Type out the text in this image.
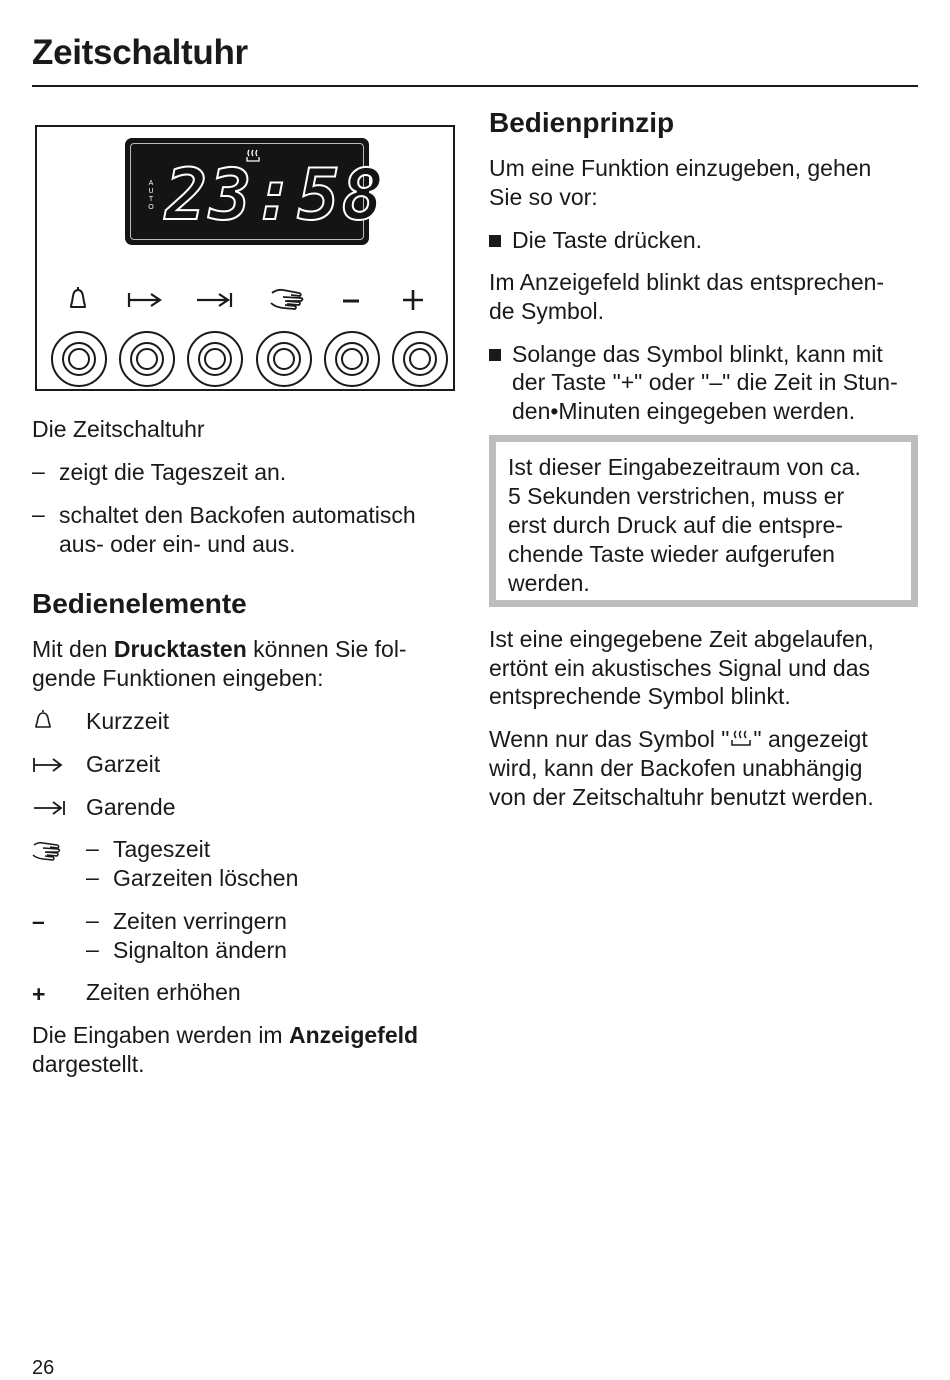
Zeitschaltuhr
A
U
T
O 23:58
Die Zeitschaltuhr
– zeigt die Tageszeit an.
– schaltet den Backofen automatisch
aus- oder ein- und aus.
Bedienelemente
Mit den Drucktasten können Sie fol-
gende Funktionen eingeben:
Kurzzeit
Garzeit
Garende
– Tageszeit
– Garzeiten löschen
– – Zeiten verringern
– Signalton ändern
+ Zeiten erhöhen
Die Eingaben werden im Anzeigefeld
dargestellt.
Bedienprinzip
Um eine Funktion einzugeben, gehen
Sie so vor:
Die Taste drücken.
Im Anzeigefeld blinkt das entsprechen-
de Symbol.
Solange das Symbol blinkt, kann mit
der Taste "+" oder "–" die Zeit in Stun-
den•Minuten eingegeben werden.
Ist dieser Eingabezeitraum von ca.
5 Sekunden verstrichen, muss er
erst durch Druck auf die entspre-
chende Taste wieder aufgerufen
werden.
Ist eine eingegebene Zeit abgelaufen,
ertönt ein akustisches Signal und das
entsprechende Symbol blinkt.
Wenn nur das Symbol " " angezeigt
wird, kann der Backofen unabhängig
von der Zeitschaltuhr benutzt werden.
26
